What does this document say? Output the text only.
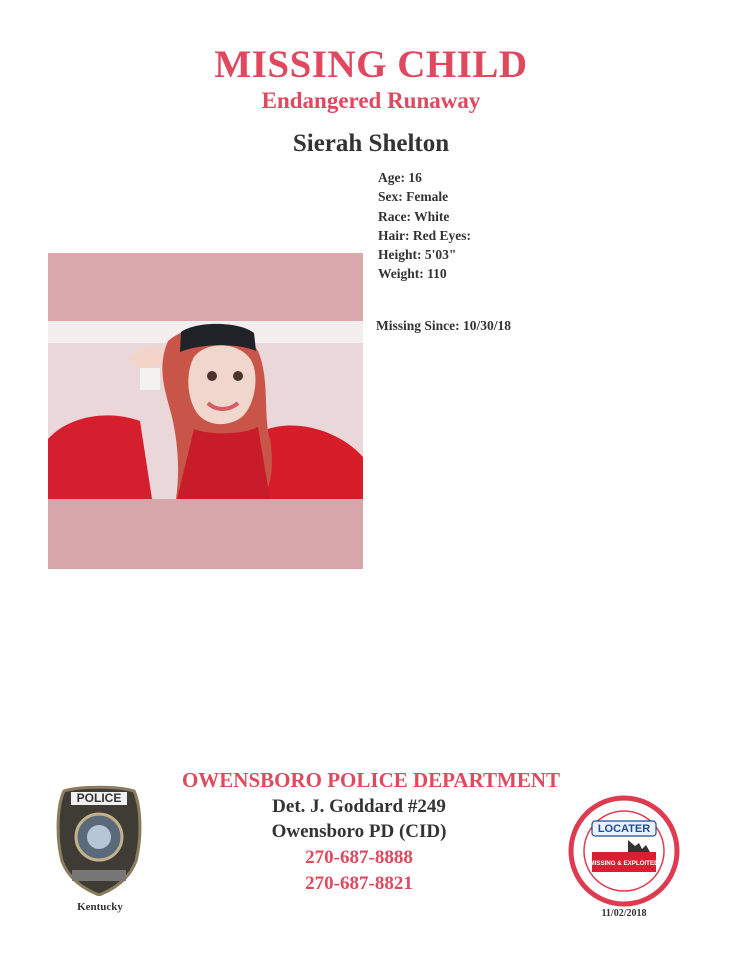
MISSING CHILD
Endangered Runaway
Sierah Shelton
Age: 16
Sex: Female
Race: White
Hair: Red Eyes:
Height: 5'03"
Weight: 110
Missing Since: 10/30/18
POLICE
Kentucky
OWENSBORO POLICE DEPARTMENT
Det. J. Goddard #249
Owensboro PD (CID)
270-687-8888
270-687-8821
LOCATER
MISSING & EXPLOITED
11/02/2018
